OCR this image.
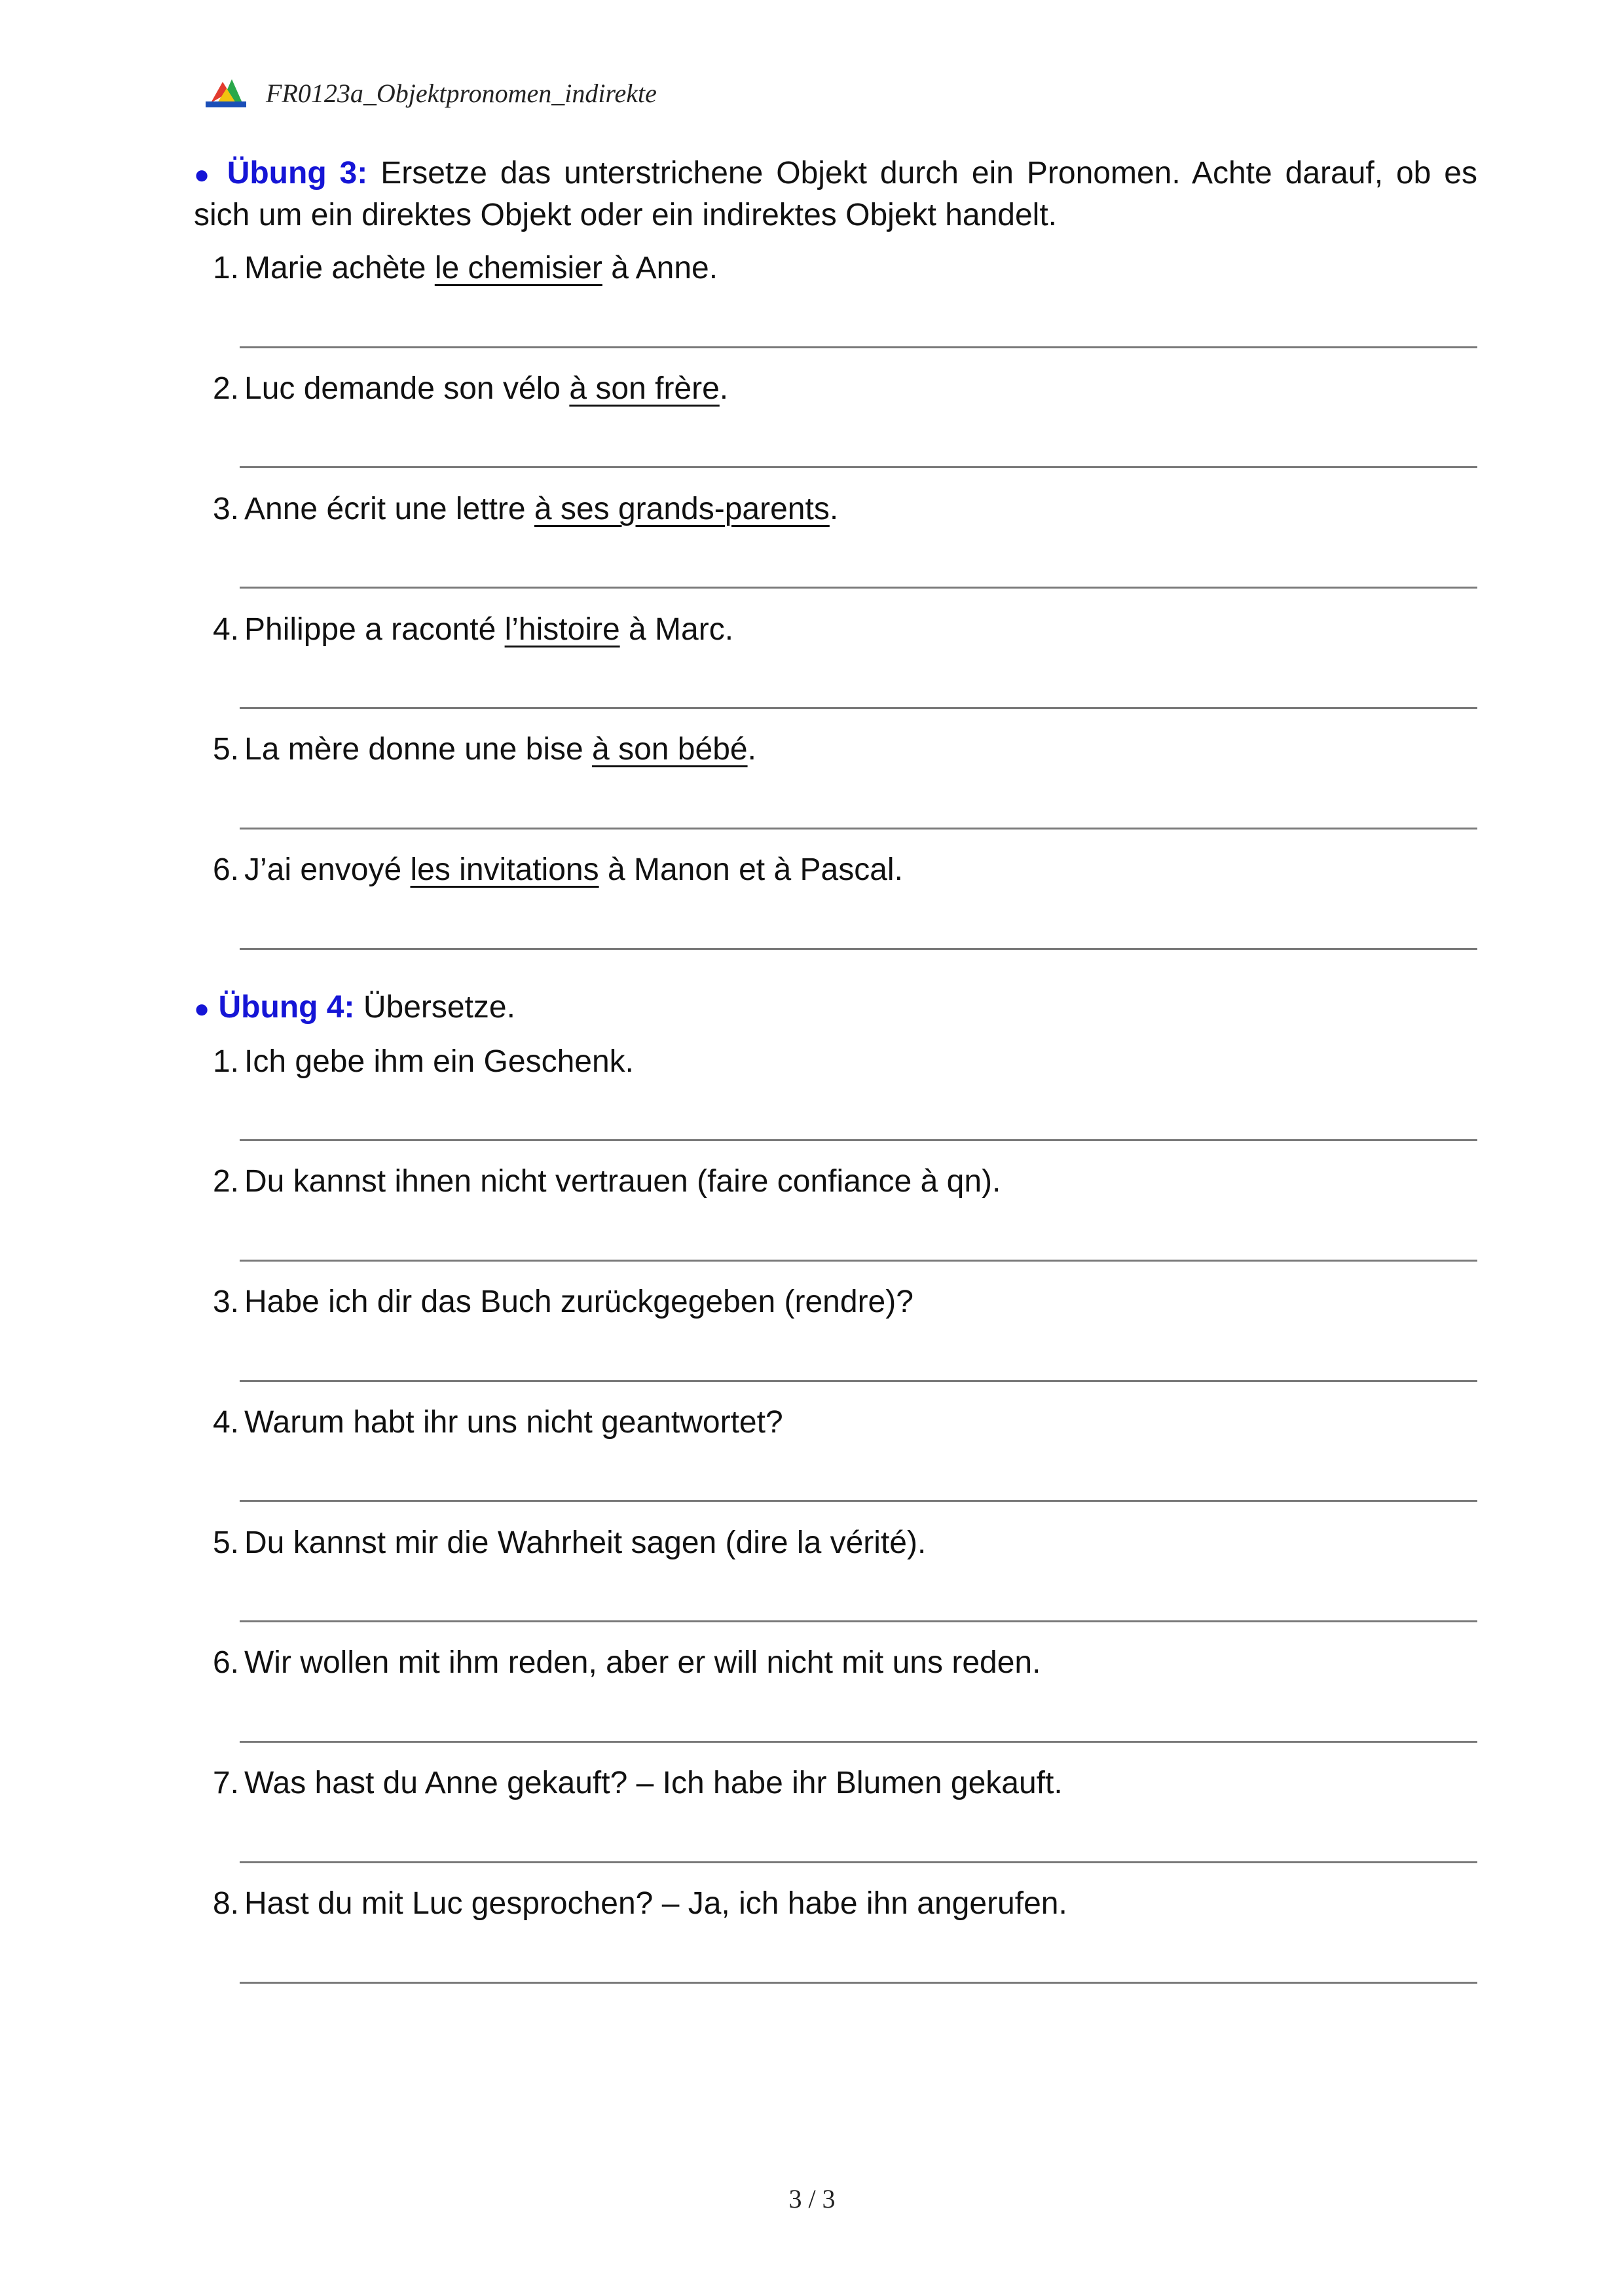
FR0123a_Objektpronomen_indirekte
● Übung 3: Ersetze das unterstrichene Objekt durch ein Pronomen. Achte darauf, ob es sich um ein direktes Objekt oder ein indirektes Objekt handelt.
1. Marie achète le chemisier à Anne.
2. Luc demande son vélo à son frère.
3. Anne écrit une lettre à ses grands-parents.
4. Philippe a raconté l’histoire à Marc.
5. La mère donne une bise à son bébé.
6. J’ai envoyé les invitations à Manon et à Pascal.
● Übung 4: Übersetze.
1. Ich gebe ihm ein Geschenk.
2. Du kannst ihnen nicht vertrauen (faire confiance à qn).
3. Habe ich dir das Buch zurückgegeben (rendre)?
4. Warum habt ihr uns nicht geantwortet?
5. Du kannst mir die Wahrheit sagen (dire la vérité).
6. Wir wollen mit ihm reden, aber er will nicht mit uns reden.
7. Was hast du Anne gekauft? – Ich habe ihr Blumen gekauft.
8. Hast du mit Luc gesprochen? – Ja, ich habe ihn angerufen.
3 / 3
